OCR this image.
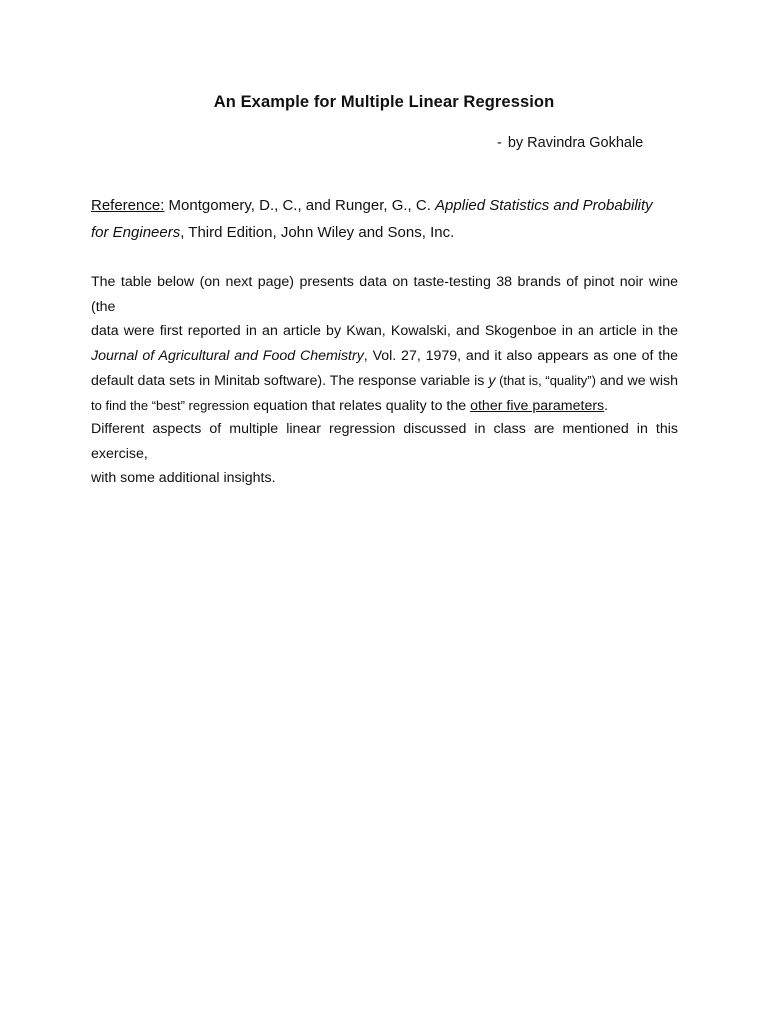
An Example for Multiple Linear Regression
- by Ravindra Gokhale
Reference: Montgomery, D., C., and Runger, G., C. Applied Statistics and Probability
for Engineers, Third Edition, John Wiley and Sons, Inc.
The table below (on next page) presents data on taste-testing 38 brands of pinot noir wine (the
data were first reported in an article by Kwan, Kowalski, and Skogenboe in an article in the
Journal of Agricultural and Food Chemistry, Vol. 27, 1979, and it also appears as one of the
default data sets in Minitab software). The response variable is y (that is, “quality”) and we wish
to find the “best” regression equation that relates quality to the other five parameters.
Different aspects of multiple linear regression discussed in class are mentioned in this exercise,
with some additional insights.
